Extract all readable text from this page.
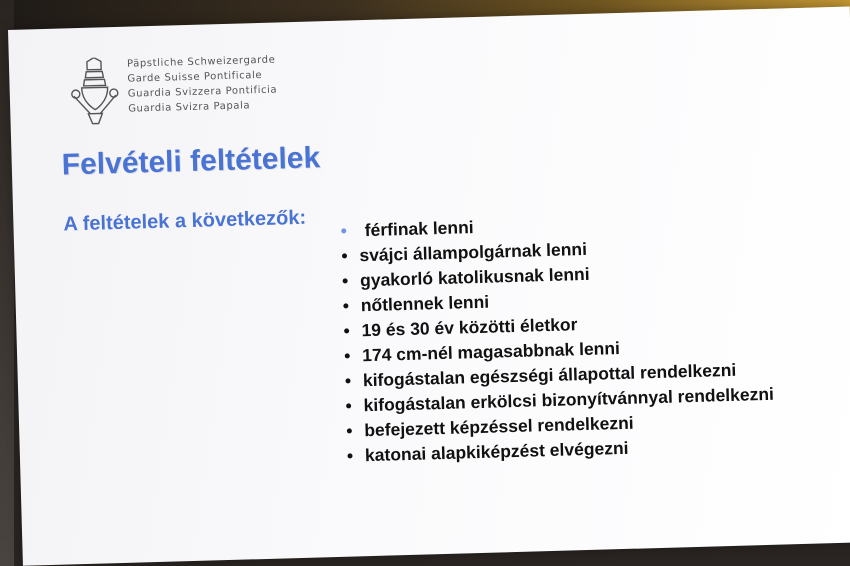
Päpstliche Schweizergarde
Garde Suisse Pontificale
Guardia Svizzera Pontificia
Guardia Svizra Papala
Felvételi feltételek
A feltételek a következők: • férfinak lenni
• svájci állampolgárnak lenni
• gyakorló katolikusnak lenni
• nőtlennek lenni
• 19 és 30 év közötti életkor
• 174 cm-nél magasabbnak lenni
• kifogástalan egészségi állapottal rendelkezni
• kifogástalan erkölcsi bizonyítvánnyal rendelkezni
• befejezett képzéssel rendelkezni
• katonai alapkiképzést elvégezni
